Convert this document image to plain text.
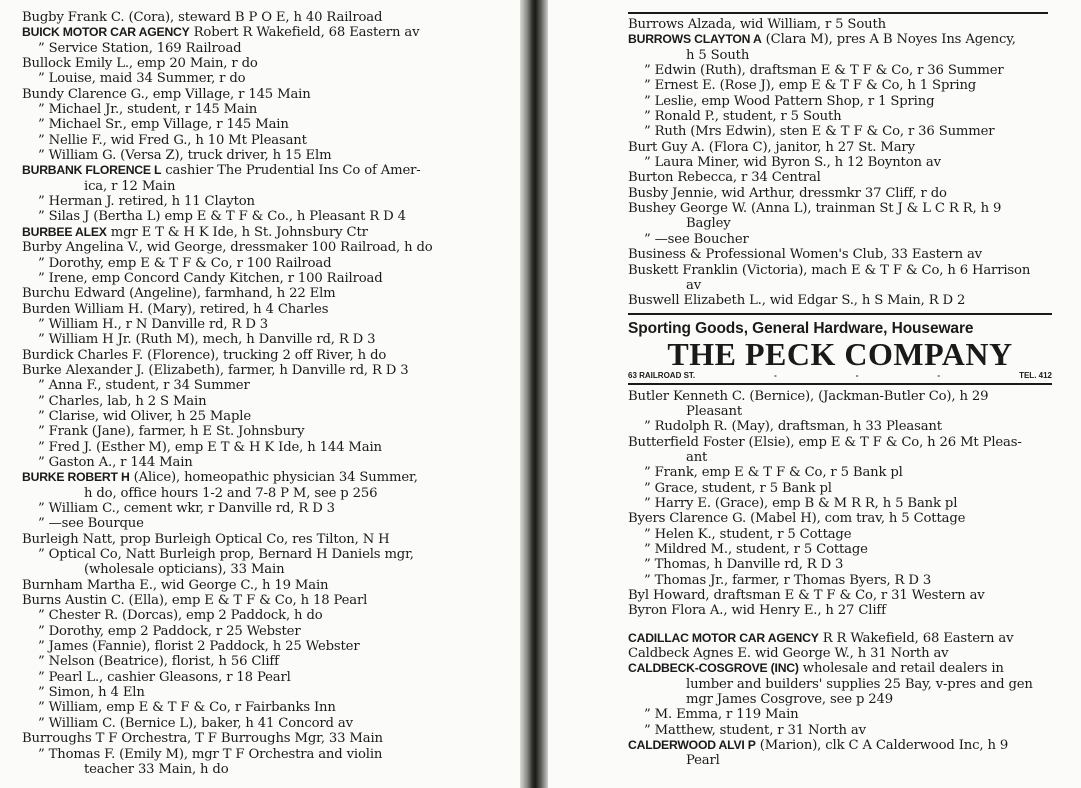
Bugby Frank C. (Cora), steward B P O E, h 40 Railroad
BUICK MOTOR CAR AGENCY Robert R Wakefield, 68 Eastern av
” Service Station, 169 Railroad
Bullock Emily L., emp 20 Main, r do
” Louise, maid 34 Summer, r do
Bundy Clarence G., emp Village, r 145 Main
” Michael Jr., student, r 145 Main
” Michael Sr., emp Village, r 145 Main
” Nellie F., wid Fred G., h 10 Mt Pleasant
” William G. (Versa Z), truck driver, h 15 Elm
BURBANK FLORENCE L cashier The Prudential Ins Co of Amer-
ica, r 12 Main
” Herman J. retired, h 11 Clayton
” Silas J (Bertha L) emp E & T F & Co., h Pleasant R D 4
BURBEE ALEX mgr E T & H K Ide, h St. Johnsbury Ctr
Burby Angelina V., wid George, dressmaker 100 Railroad, h do
” Dorothy, emp E & T F & Co, r 100 Railroad
” Irene, emp Concord Candy Kitchen, r 100 Railroad
Burchu Edward (Angeline), farmhand, h 22 Elm
Burden William H. (Mary), retired, h 4 Charles
” William H., r N Danville rd, R D 3
” William H Jr. (Ruth M), mech, h Danville rd, R D 3
Burdick Charles F. (Florence), trucking 2 off River, h do
Burke Alexander J. (Elizabeth), farmer, h Danville rd, R D 3
” Anna F., student, r 34 Summer
” Charles, lab, h 2 S Main
” Clarise, wid Oliver, h 25 Maple
” Frank (Jane), farmer, h E St. Johnsbury
” Fred J. (Esther M), emp E T & H K Ide, h 144 Main
” Gaston A., r 144 Main
BURKE ROBERT H (Alice), homeopathic physician 34 Summer,
h do, office hours 1-2 and 7-8 P M, see p 256
” William C., cement wkr, r Danville rd, R D 3
” —see Bourque
Burleigh Natt, prop Burleigh Optical Co, res Tilton, N H
” Optical Co, Natt Burleigh prop, Bernard H Daniels mgr,
(wholesale opticians), 33 Main
Burnham Martha E., wid George C., h 19 Main
Burns Austin C. (Ella), emp E & T F & Co, h 18 Pearl
” Chester R. (Dorcas), emp 2 Paddock, h do
” Dorothy, emp 2 Paddock, r 25 Webster
” James (Fannie), florist 2 Paddock, h 25 Webster
” Nelson (Beatrice), florist, h 56 Cliff
” Pearl L., cashier Gleasons, r 18 Pearl
” Simon, h 4 Eln
” William, emp E & T F & Co, r Fairbanks Inn
” William C. (Bernice L), baker, h 41 Concord av
Burroughs T F Orchestra, T F Burroughs Mgr, 33 Main
” Thomas F. (Emily M), mgr T F Orchestra and violin
teacher 33 Main, h do
Burrows Alzada, wid William, r 5 South
BURROWS CLAYTON A (Clara M), pres A B Noyes Ins Agency,
h 5 South
” Edwin (Ruth), draftsman E & T F & Co, r 36 Summer
” Ernest E. (Rose J), emp E & T F & Co, h 1 Spring
” Leslie, emp Wood Pattern Shop, r 1 Spring
” Ronald P., student, r 5 South
” Ruth (Mrs Edwin), sten E & T F & Co, r 36 Summer
Burt Guy A. (Flora C), janitor, h 27 St. Mary
” Laura Miner, wid Byron S., h 12 Boynton av
Burton Rebecca, r 34 Central
Busby Jennie, wid Arthur, dressmkr 37 Cliff, r do
Bushey George W. (Anna L), trainman St J & L C R R, h 9
Bagley
” —see Boucher
Business & Professional Women's Club, 33 Eastern av
Buskett Franklin (Victoria), mach E & T F & Co, h 6 Harrison
av
Buswell Elizabeth L., wid Edgar S., h S Main, R D 2
Sporting Goods, General Hardware, Houseware
THE PECK COMPANY
63 RAILROAD ST.	-	-	-	TEL. 412
Butler Kenneth C. (Bernice), (Jackman-Butler Co), h 29
Pleasant
” Rudolph R. (May), draftsman, h 33 Pleasant
Butterfield Foster (Elsie), emp E & T F & Co, h 26 Mt Pleas-
ant
” Frank, emp E & T F & Co, r 5 Bank pl
” Grace, student, r 5 Bank pl
” Harry E. (Grace), emp B & M R R, h 5 Bank pl
Byers Clarence G. (Mabel H), com trav, h 5 Cottage
” Helen K., student, r 5 Cottage
” Mildred M., student, r 5 Cottage
” Thomas, h Danville rd, R D 3
” Thomas Jr., farmer, r Thomas Byers, R D 3
Byl Howard, draftsman E & T F & Co, r 31 Western av
Byron Flora A., wid Henry E., h 27 Cliff
CADILLAC MOTOR CAR AGENCY R R Wakefield, 68 Eastern av
Caldbeck Agnes E. wid George W., h 31 North av
CALDBECK-COSGROVE (INC) wholesale and retail dealers in
lumber and builders' supplies 25 Bay, v-pres and gen
mgr James Cosgrove, see p 249
” M. Emma, r 119 Main
” Matthew, student, r 31 North av
CALDERWOOD ALVI P (Marion), clk C A Calderwood Inc, h 9
Pearl
